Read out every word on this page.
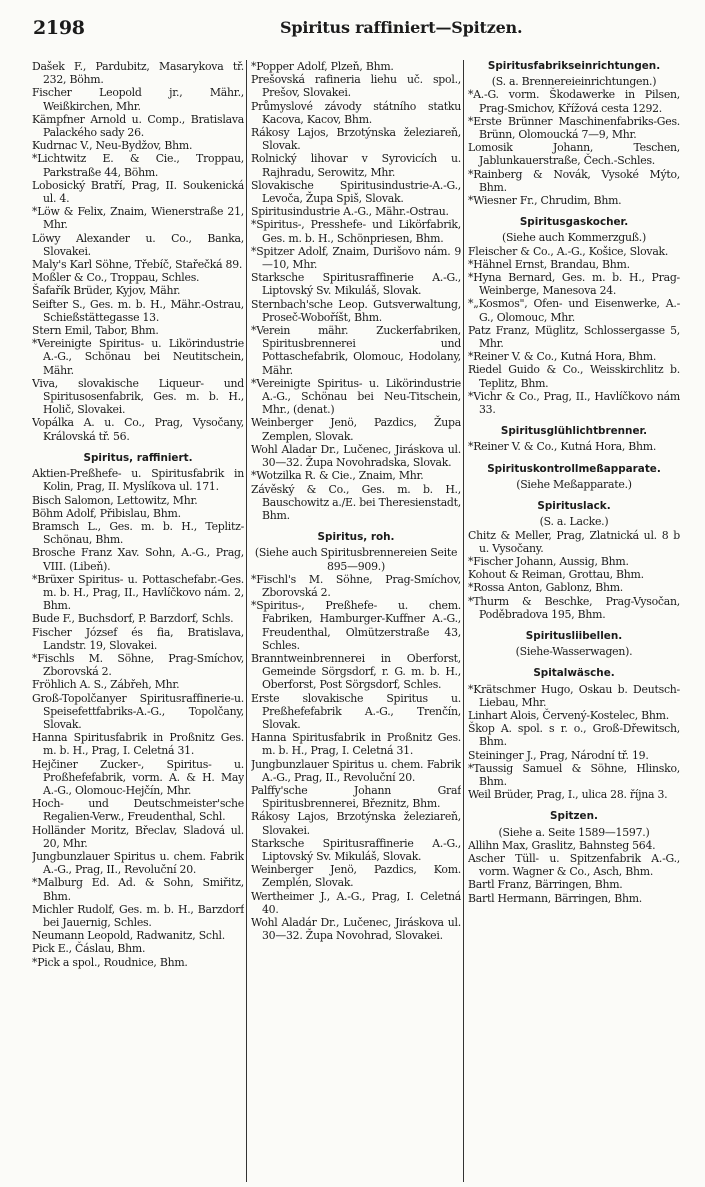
2198	Spiritus raffiniert—Spitzen.

Dašek F., Pardubitz, Masarykova tř. 232, Böhm.

Fischer Leopold jr., Mähr., Weißkirchen, Mhr.

Kämpfner Arnold u. Comp., Bratislava Palackého sady 26.

Kudrnac V., Neu-Bydžov, Bhm.

*Lichtwitz E. & Cie., Troppau, Parkstraße 44, Böhm.

Lobosický Bratří, Prag, II. Soukenická ul. 4.

*Löw & Felix, Znaim, Wienerstraße 21, Mhr.

Löwy Alexander u. Co., Banka, Slovakei.

Maly's Karl Söhne, Třebíč, Stařečká 89.

Moßler & Co., Troppau, Schles.

Šafařík Brüder, Kyjov, Mähr.

Seifter S., Ges. m. b. H., Mähr.-Ostrau, Schießstättegasse 13.

Stern Emil, Tabor, Bhm.

*Vereinigte Spiritus- u. Likörindustrie A.-G., Schönau bei Neutitschein, Mähr.

Viva, slovakische Liqueur- und Spiritusosenfabrik, Ges. m. b. H., Holič, Slovakei.

Vopálka A. u. Co., Prag, Vysočany, Královská tř. 56.

Spiritus, raffiniert.

Aktien-Preßhefe- u. Spiritusfabrik in Kolin, Prag, II. Myslíkova ul. 171.

Bisch Salomon, Lettowitz, Mhr.

Böhm Adolf, Přibislau, Bhm.

Bramsch L., Ges. m. b. H., Teplitz-Schönau, Bhm.

Brosche Franz Xav. Sohn, A.-G., Prag, VIII. (Libeň).

*Brüxer Spiritus- u. Pottaschefabr.-Ges. m. b. H., Prag, II., Havlíčkovo nám. 2, Bhm.

Bude F., Buchsdorf, P. Barzdorf, Schls.

Fischer József és fia, Bratislava, Landstr. 19, Slovakei.

*Fischls M. Söhne, Prag-Smíchov, Zborovská 2.

Fröhlich A. S., Zábřeh, Mhr.

Groß-Topolčanyer Spiritusraffinerie-u. Speisefettfabriks-A.-G., Topolčany, Slovak.

Hanna Spiritusfabrik in Proßnitz Ges. m. b. H., Prag, I. Celetná 31.

Hejčiner Zucker-, Spiritus- u. Proßhefefabrik, vorm. A. & H. May A.-G., Olomouc-Hejčín, Mhr.

Hoch- und Deutschmeister'sche Regalien-Verw., Freudenthal, Schl.

Holländer Moritz, Břeclav, Sladová ul. 20, Mhr.

Jungbunzlauer Spiritus u. chem. Fabrik A.-G., Prag, II., Revoluční 20.

*Malburg Ed. Ad. & Sohn, Smiřitz, Bhm.

Michler Rudolf, Ges. m. b. H., Barzdorf bei Jauernig, Schles.

Neumann Leopold, Radwanitz, Schl.

Pick E., Čáslau, Bhm.

*Pick a spol., Roudnice, Bhm.

*Popper Adolf, Plzeň, Bhm.

Prešovská rafineria liehu uč. spol., Prešov, Slovakei.

Průmyslové závody státního statku Kacova, Kacov, Bhm.

Rákosy Lajos, Brzotýnska železiareň, Slovak.

Rolnický lihovar v Syrovicích u. Rajhradu, Serowitz, Mhr.

Slovakische Spiritusindustrie-A.-G., Levoča, Župa Spiš, Slovak.

Spiritusindustrie A.-G., Mähr.-Ostrau.

*Spiritus-, Presshefe- und Likörfabrik, Ges. m. b. H., Schönpriesen, Bhm.

*Spitzer Adolf, Znaim, Durišovo nám. 9—10, Mhr.

Starksche Spiritusraffinerie A.-G., Liptovský Sv. Mikuláš, Slovak.

Sternbach'sche Leop. Gutsverwaltung, Proseč-Woboříšt, Bhm.

*Verein mähr. Zuckerfabriken, Spiritusbrennerei und Pottaschefabrik, Olomouc, Hodolany, Mähr.

*Vereinigte Spiritus- u. Likörindustrie A.-G., Schönau bei Neu-Titschein, Mhr., (denat.)

Weinberger Jenö, Pazdics, Župa Zemplen, Slovak.

Wohl Aladar Dr., Lučenec, Jiráskova ul. 30—32. Župa Novohradska, Slovak.

*Wotzilka R. & Cie., Znaim, Mhr.

Závěský & Co., Ges. m. b. H., Bauschowitz a./E. bei Theresienstadt, Bhm.

Spiritus, roh.
(Siehe auch Spiritusbrennereien Seite 895—909.)

*Fischl's M. Söhne, Prag-Smíchov, Zborovská 2.

*Spiritus-, Preßhefe- u. chem. Fabriken, Hamburger-Kuffner A.-G., Freudenthal, Olmützerstraße 43, Schles.

Branntweinbrennerei in Oberforst, Gemeinde Sörgsdorf, r. G. m. b. H., Oberforst, Post Sörgsdorf, Schles.

Erste slovakische Spiritus u. Preßhefefabrik A.-G., Trenčín, Slovak.

Hanna Spiritusfabrik in Proßnitz Ges. m. b. H., Prag, I. Celetná 31.

Jungbunzlauer Spiritus u. chem. Fabrik A.-G., Prag, II., Revoluční 20.

Palffy'sche Johann Graf Spiritusbrennerei, Březnitz, Bhm.

Rákosy Lajos, Brzotýnska železiareň, Slovakei.

Starksche Spiritusraffinerie A.-G., Liptovský Sv. Mikuláš, Slovak.

Weinberger Jenö, Pazdics, Kom. Zemplén, Slovak.

Wertheimer J., A.-G., Prag, I. Celetná 40.

Wohl Aladár Dr., Lučenec, Jiráskova ul. 30—32. Župa Novohrad, Slovakei.

Spiritusfabrikseinrichtungen.
(S. a. Brennereieinrichtungen.)

*A.-G. vorm. Škodawerke in Pilsen, Prag-Smichov, Křížová cesta 1292.

*Erste Brünner Maschinenfabriks-Ges. Brünn, Olomoucká 7—9, Mhr.

Lomosik Johann, Teschen, Jablunkauerstraße, Čech.-Schles.

*Rainberg & Novák, Vysoké Mýto, Bhm.

*Wiesner Fr., Chrudim, Bhm.

Spiritusgaskocher.
(Siehe auch Kommerzguß.)

Fleischer & Co., A.-G., Košice, Slovak.

*Hähnel Ernst, Brandau, Bhm.

*Hyna Bernard, Ges. m. b. H., Prag-Weinberge, Manesova 24.

*„Kosmos", Ofen- und Eisenwerke, A.-G., Olomouc, Mhr.

Patz Franz, Müglitz, Schlossergasse 5, Mhr.

*Reiner V. & Co., Kutná Hora, Bhm.

Riedel Guido & Co., Weisskirchlitz b. Teplitz, Bhm.

*Vichr & Co., Prag, II., Havlíčkovo nám 33.

Spiritusglühlichtbrenner.

*Reiner V. & Co., Kutná Hora, Bhm.

Spirituskontrollmeßapparate.
(Siehe Meßapparate.)
Spirituslack.
(S. a. Lacke.)

Chitz & Meller, Prag, Zlatnická ul. 8 b u. Vysočany.

*Fischer Johann, Aussig, Bhm.

Kohout & Reiman, Grottau, Bhm.

*Rossa Anton, Gablonz, Bhm.

*Thurm & Beschke, Prag-Vysočan, Poděbradova 195, Bhm.

Spiritusliibellen.
(Siehe-Wasserwagen).
Spitalwäsche.

*Krätschmer Hugo, Oskau b. Deutsch-Liebau, Mhr.

Linhart Alois, Červený-Kostelec, Bhm.

Škop A. spol. s r. o., Groß-Dřewitsch, Bhm.

Steininger J., Prag, Národní tř. 19.

*Taussig Samuel & Söhne, Hlinsko, Bhm.

Weil Brüder, Prag, I., ulica 28. října 3.

Spitzen.
(Siehe a. Seite 1589—1597.)

Allihn Max, Graslitz, Bahnsteg 564.

Ascher Tüll- u. Spitzenfabrik A.-G., vorm. Wagner & Co., Asch, Bhm.

Bartl Franz, Bärringen, Bhm.

Bartl Hermann, Bärringen, Bhm.
